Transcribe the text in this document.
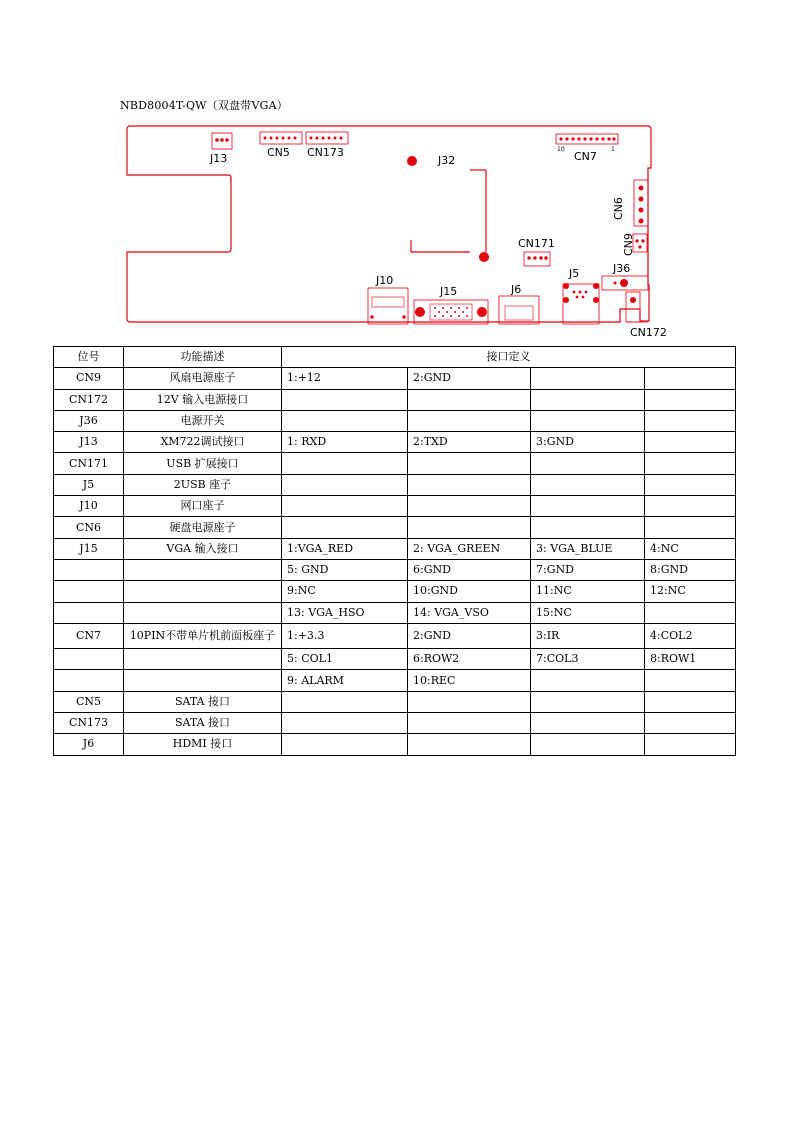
NBD8004T-QW（双盘带VGA）
J13	CN5 CN173	10	1
CN7
J32
CN6
CN9
CN171
J36
CN172
J5
J6
J15
J10
位号	功能描述	接口定义			
CN9	风扇电源座子	1:+12	2:GND		
CN172	12V 输入电源接口				
J36	电源开关				
J13	XM722调试接口	1: RXD	2:TXD	3:GND	
CN171	USB 扩展接口				
J5	2USB 座子				
J10	网口座子				
CN6	硬盘电源座子				
J15	VGA 输入接口	1:VGA_RED	2: VGA_GREEN	3: VGA_BLUE	4:NC
		5: GND	6:GND	7:GND	8:GND
		9:NC	10:GND	11:NC	12:NC
		13: VGA_HSO	14: VGA_VSO	15:NC	
CN7	10PIN不带单片机前面板座子	1:+3.3	2:GND	3:IR	4:COL2
		5: COL1	6:ROW2	7:COL3	8:ROW1
		9: ALARM	10:REC		
CN5	SATA 接口				
CN173	SATA 接口				
J6	HDMI 接口				
